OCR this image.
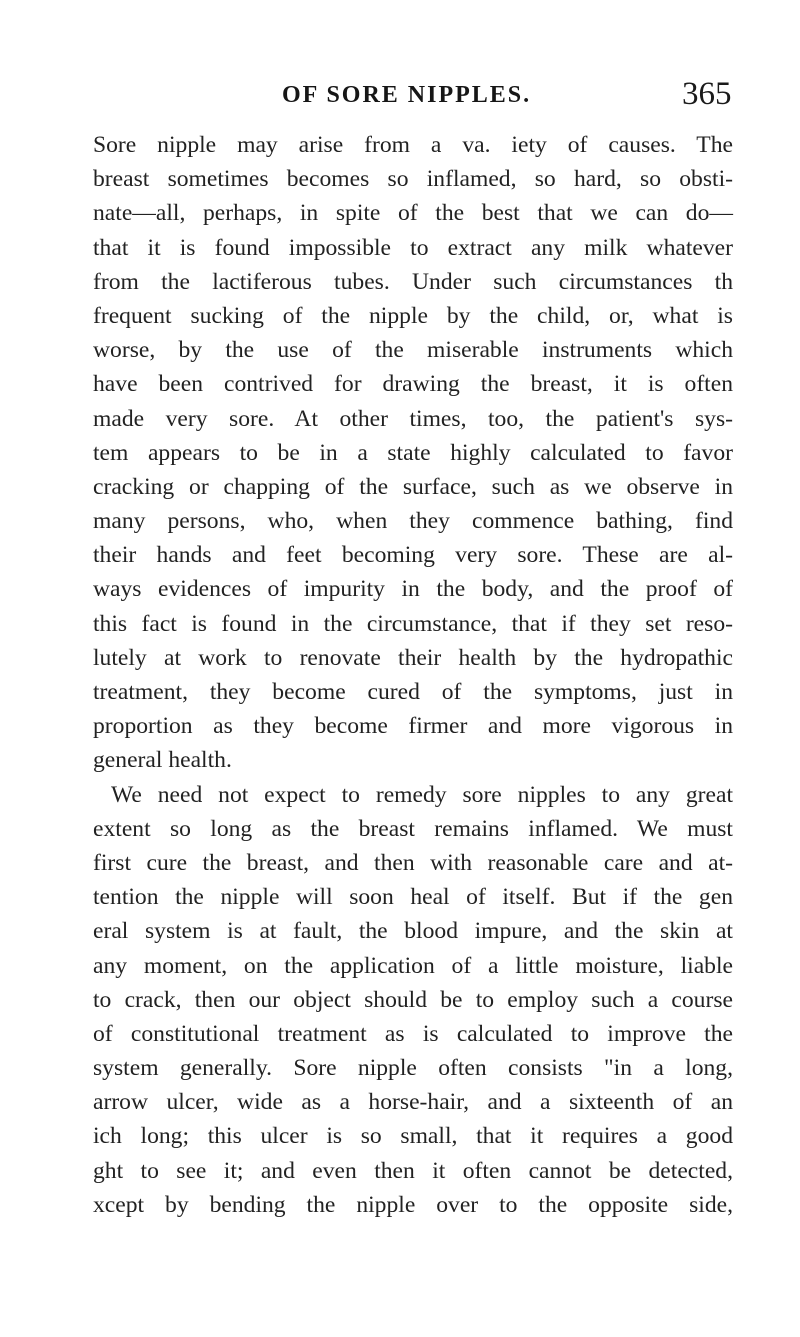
OF SORE NIPPLES.	365
Sore nipple may arise from a va. iety of causes. The
breast sometimes becomes so inflamed, so hard, so obsti-
nate—all, perhaps, in spite of the best that we can do—
that it is found impossible to extract any milk whatever
from the lactiferous tubes. Under such circumstances th
frequent sucking of the nipple by the child, or, what is
worse, by the use of the miserable instruments which
have been contrived for drawing the breast, it is often
made very sore. At other times, too, the patient's sys-
tem appears to be in a state highly calculated to favor
cracking or chapping of the surface, such as we observe in
many persons, who, when they commence bathing, find
their hands and feet becoming very sore. These are al-
ways evidences of impurity in the body, and the proof of
this fact is found in the circumstance, that if they set reso-
lutely at work to renovate their health by the hydropathic
treatment, they become cured of the symptoms, just in
proportion as they become firmer and more vigorous in
general health.
We need not expect to remedy sore nipples to any great
extent so long as the breast remains inflamed. We must
first cure the breast, and then with reasonable care and at-
tention the nipple will soon heal of itself. But if the gen
eral system is at fault, the blood impure, and the skin at
any moment, on the application of a little moisture, liable
to crack, then our object should be to employ such a course
of constitutional treatment as is calculated to improve the
system generally. Sore nipple often consists "in a long,
arrow ulcer, wide as a horse-hair, and a sixteenth of an
ich long; this ulcer is so small, that it requires a good
ght to see it; and even then it often cannot be detected,
xcept by bending the nipple over to the opposite side,
